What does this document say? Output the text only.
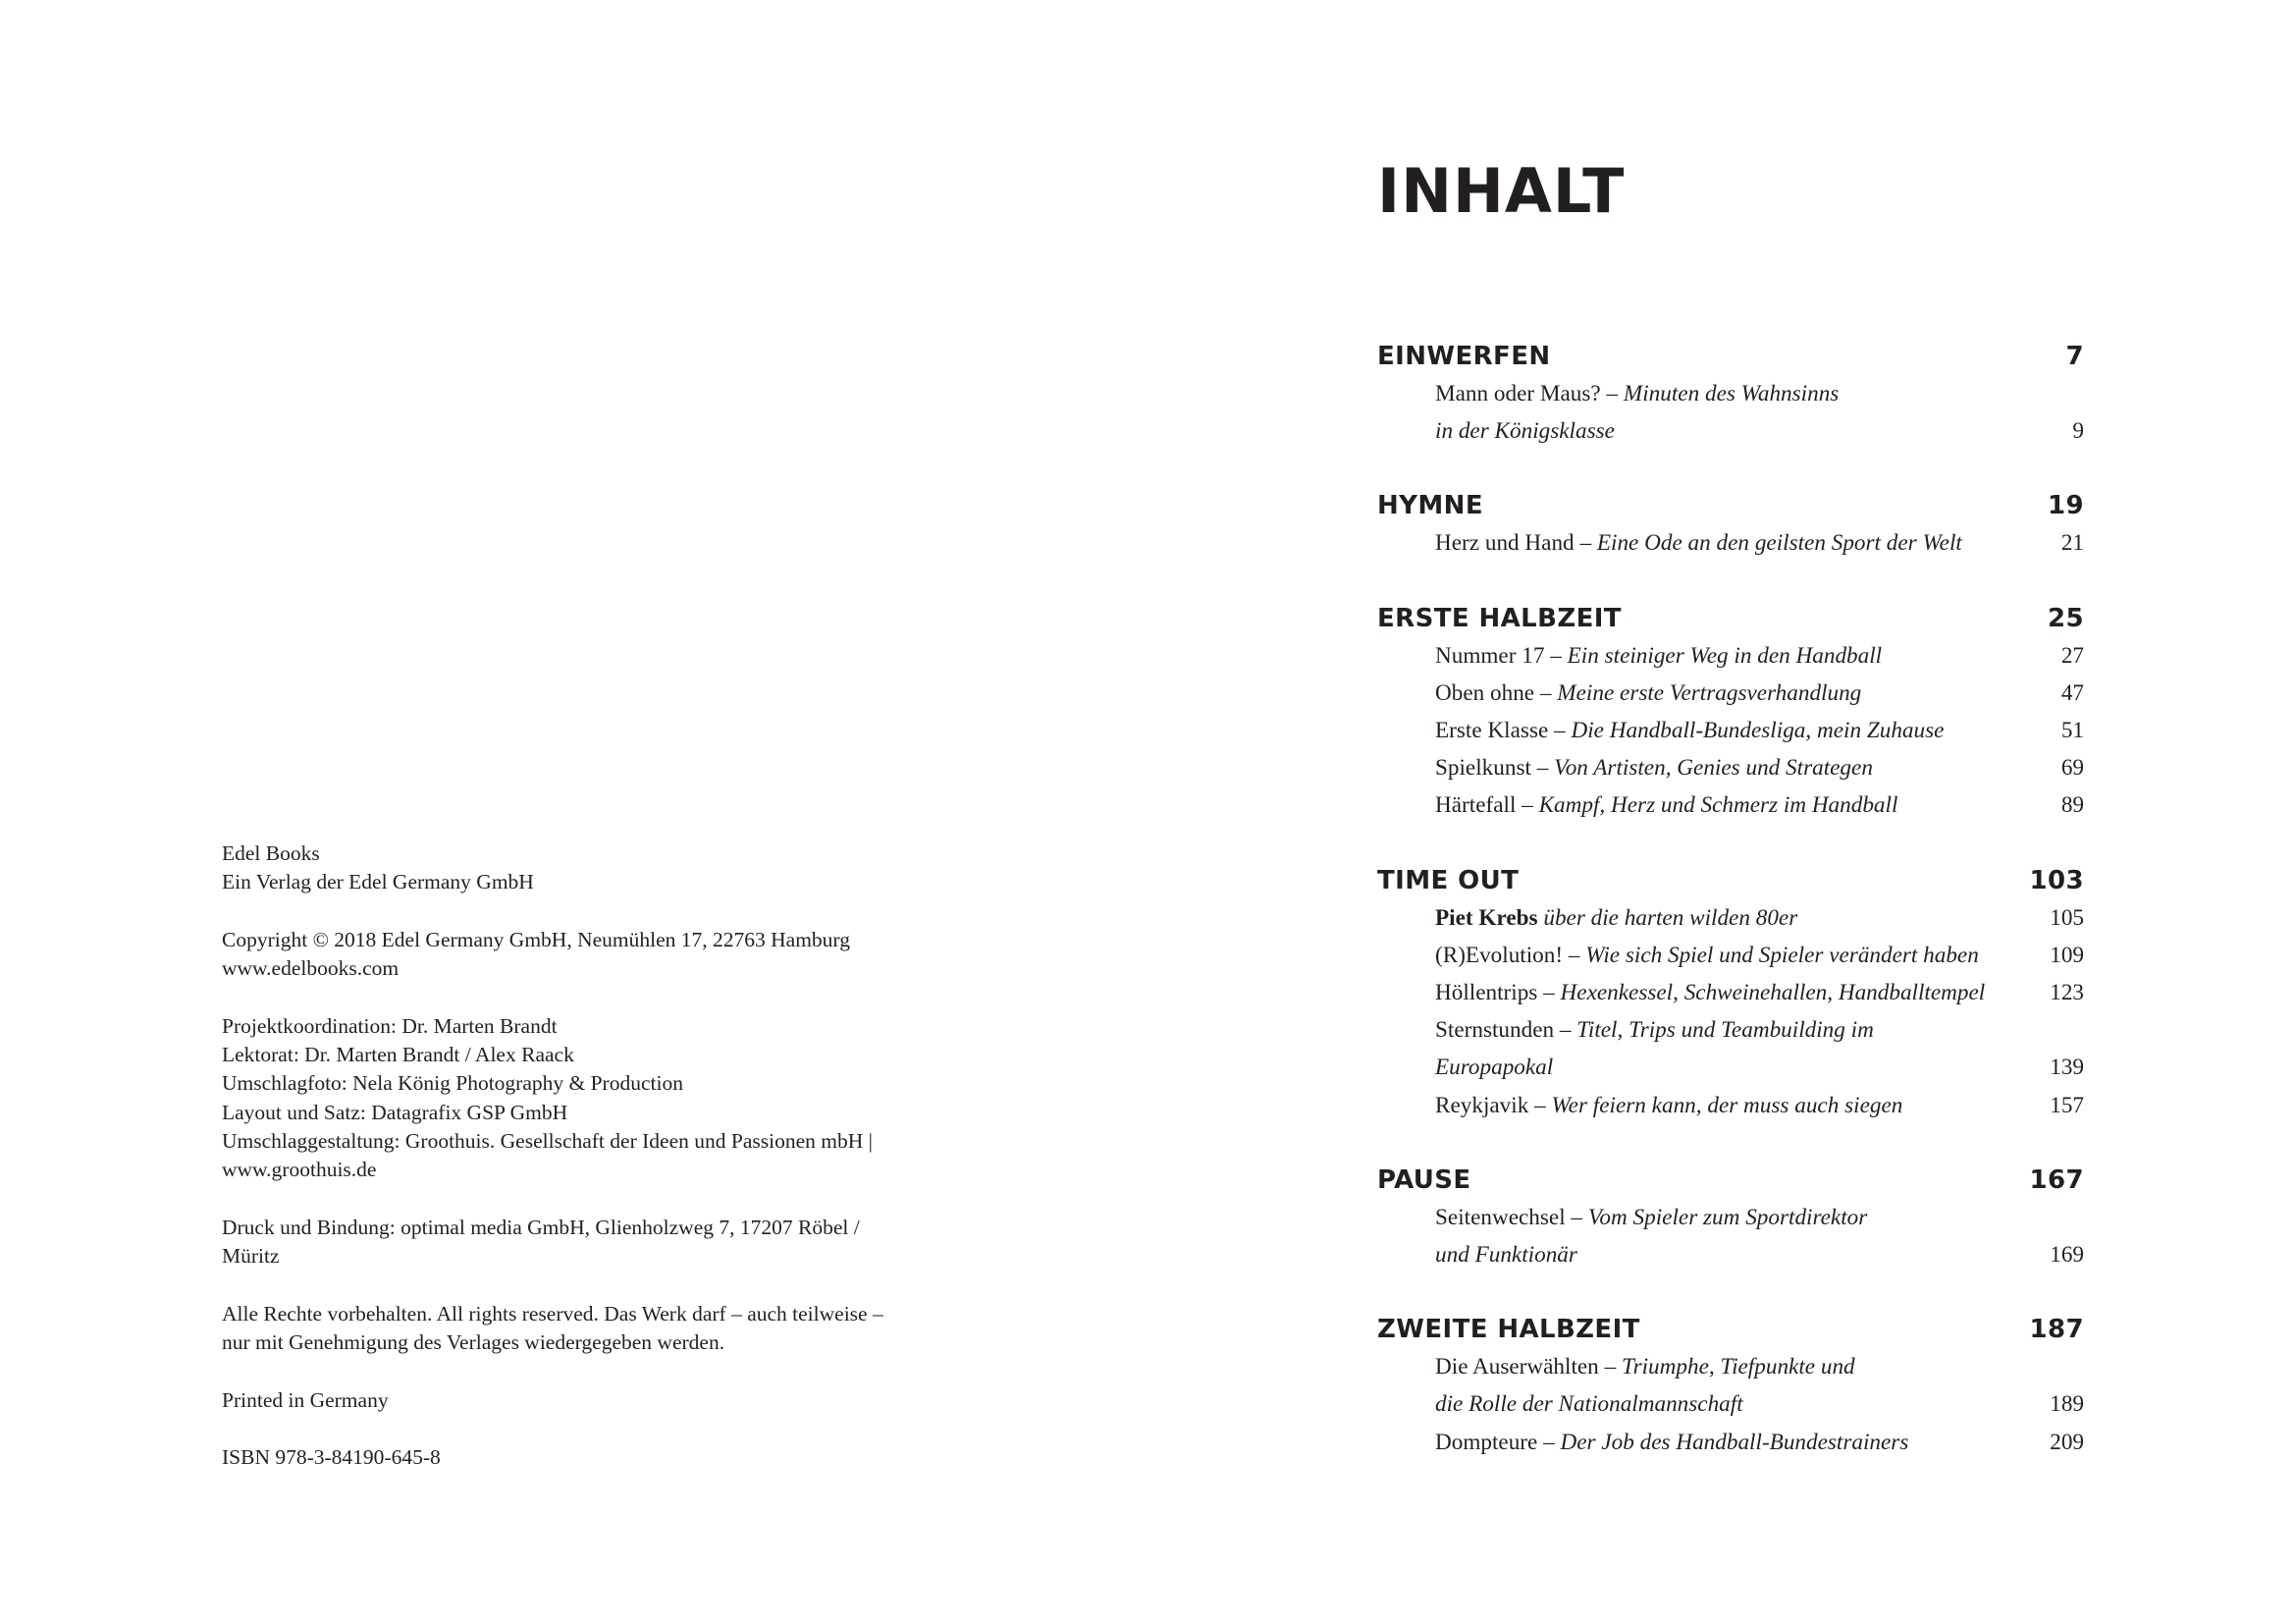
Edel Books
Ein Verlag der Edel Germany GmbH
Copyright © 2018 Edel Germany GmbH, Neumühlen 17, 22763 Hamburg
www.edelbooks.com
Projektkoordination: Dr. Marten Brandt
Lektorat: Dr. Marten Brandt / Alex Raack
Umschlagfoto: Nela König Photography & Production
Layout und Satz: Datagrafix GSP GmbH
Umschlaggestaltung: Groothuis. Gesellschaft der Ideen und Passionen mbH |
www.groothuis.de
Druck und Bindung: optimal media GmbH, Glienholzweg 7, 17207 Röbel /
Müritz
Alle Rechte vorbehalten. All rights reserved. Das Werk darf – auch teilweise –
nur mit Genehmigung des Verlages wiedergegeben werden.
Printed in Germany
ISBN 978-3-84190-645-8
INHALT
EINWERFEN	7
Mann oder Maus? – Minuten des Wahnsinns
in der Königsklasse	9
HYMNE	19
Herz und Hand – Eine Ode an den geilsten Sport der Welt	21
ERSTE HALBZEIT	25
Nummer 17 – Ein steiniger Weg in den Handball	27
Oben ohne – Meine erste Vertragsverhandlung	47
Erste Klasse – Die Handball-Bundesliga, mein Zuhause	51
Spielkunst – Von Artisten, Genies und Strategen	69
Härtefall – Kampf, Herz und Schmerz im Handball	89
TIME OUT	103
Piet Krebs über die harten wilden 80er	105
(R)Evolution! – Wie sich Spiel und Spieler verändert haben	109
Höllentrips – Hexenkessel, Schweinehallen, Handballtempel	123
Sternstunden – Titel, Trips und Teambuilding im
Europapokal	139
Reykjavik – Wer feiern kann, der muss auch siegen	157
PAUSE	167
Seitenwechsel – Vom Spieler zum Sportdirektor
und Funktionär	169
ZWEITE HALBZEIT	187
Die Auserwählten – Triumphe, Tiefpunkte und
die Rolle der Nationalmannschaft	189
Dompteure – Der Job des Handball-Bundestrainers	209
